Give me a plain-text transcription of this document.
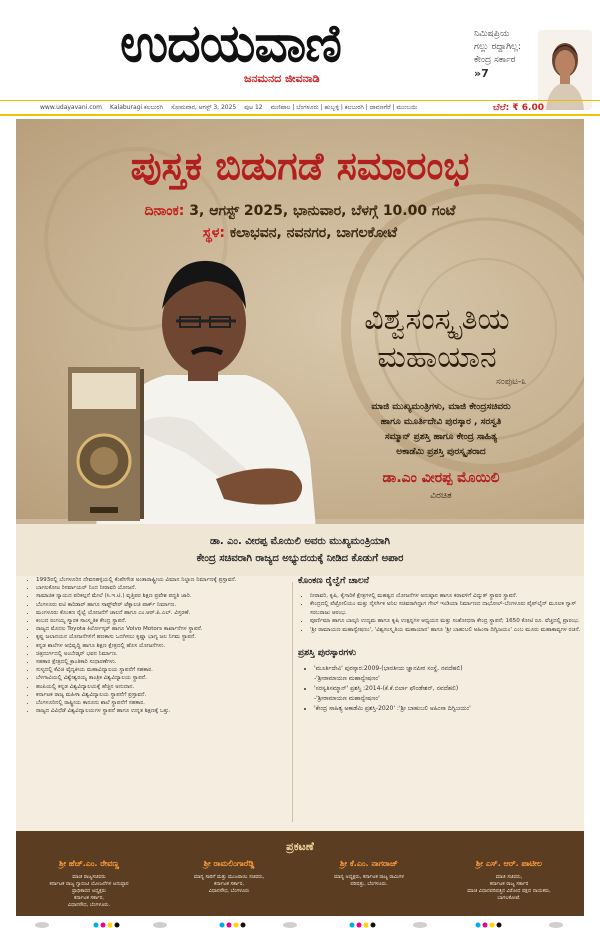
ಉದಯವಾಣಿ
ಜನಮನದ ಜೀವನಾಡಿ
ನಿಮಿಷಪ್ರಿಯ
ಗಲ್ಲು ರದ್ದಾಗಿಲ್ಲ:
ಕೇಂದ್ರ ಸರ್ಕಾರ
»7
www.udayavani.com Kalaburagi ಕಲಬುರಗಿ ಸೋಮವಾರ, ಆಗಸ್ಟ್ 3, 2025 ಪುಟ 12 ಮಣಿಪಾಲ | ಬೆಂಗಳೂರು | ಹುಬ್ಬಳ್ಳಿ | ಕಲಬುರಗಿ | ದಾವಣಗೆರೆ | ಮುಂಬಯಿ	ಬೆಲೆ: ₹ 6.00
ಪುಸ್ತಕ ಬಿಡುಗಡೆ ಸಮಾರಂಭ
ದಿನಾಂಕ: 3, ಆಗಸ್ಟ್ 2025, ಭಾನುವಾರ, ಬೆಳಗ್ಗೆ 10.00 ಗಂಟೆ
ಸ್ಥಳ: ಕಲಾಭವನ, ನವನಗರ, ಬಾಗಲಕೋಟೆ
ವಿಶ್ವಸಂಸ್ಕೃತಿಯ
ಮಹಾಯಾನ
ಸಂಪುಟ-೩
ಮಾಜಿ ಮುಖ್ಯಮಂತ್ರಿಗಳು, ಮಾಜಿ ಕೇಂದ್ರಸಚಿವರು
ಹಾಗೂ ಮೂರ್ತಿದೇವಿ ಪುರಸ್ಕಾರ , ಸರಸ್ವತಿ
ಸಮ್ಮಾನ್ ಪ್ರಶಸ್ತಿ ಹಾಗೂ ಕೇಂದ್ರ ಸಾಹಿತ್ಯ
ಅಕಾಡೆಮಿ ಪ್ರಶಸ್ತಿ ಪುರಸ್ಕೃತರಾದ
ಡಾ.ಎಂ ವೀರಪ್ಪ ಮೊಯಿಲಿ
ವಿರಚಿತ
ಡಾ. ಎಂ. ವೀರಪ್ಪ ಮೊಯಿಲಿ ಅವರು ಮುಖ್ಯಮಂತ್ರಿಯಾಗಿ
ಕೇಂದ್ರ ಸಚಿವರಾಗಿ ರಾಜ್ಯದ ಅಭ್ಯುದಯಕ್ಕೆ ನೀಡಿದ ಕೊಡುಗೆ ಅಪಾರ
• 1993ರಲ್ಲಿ ಬೆಂಗಳೂರಿನ ದೇವನಹಳ್ಳಿಯಲ್ಲಿ ಕೆಂಪೇಗೌಡ ಅಂತಾರಾಷ್ಟ್ರೀಯ ವಿಮಾನ ನಿಲ್ದಾಣ ನಿರ್ಮಾಣಕ್ಕೆ ಪ್ರಸ್ತಾವನೆ.
• ಬಾಗಲಕೋಟ ರಿಸರ್ವಾಯರ್ ನಿಂದ ನೀರಾವರಿ ಯೋಜನೆ.
• ಸಾಮಾಜಿಕ ನ್ಯಾಯದ ಪರಿಕಲ್ಪನೆ ಮೇಲೆ (ಸಿ.ಇ.ಟಿ.) ವೃತ್ತಿಪರ ಶಿಕ್ಷಣ ಪ್ರವೇಶ ಪದ್ಧತಿ ಜಾರಿ.
• ಬೆಂಗಳೂರು ಐಟಿ ಕಾರಿಡಾರ್ ಹಾಗೂ ಸಾಫ್ಟ್‌ವೇರ್ ಟೆಕ್ನಾಲಜಿ ಪಾರ್ಕ್ ನಿರ್ಮಾಣ.
• ಮಂಗಳೂರು ಕೊಂಕಣ ರೈಲ್ವೆ ಯೋಜನೆಗೆ ಚಾಲನೆ ಹಾಗೂ ಎಂ.ಆರ್.ಪಿ.ಎಲ್. ವಿಸ್ತರಣೆ.
• ಕಂಬದ ರಂಗಯ್ಯ ಸ್ಮಾರಕ ಸಾಂಸ್ಕೃತಿಕ ಕೇಂದ್ರ ಸ್ಥಾಪನೆ.
• ರಾಜ್ಯದ ಮೊದಲ Toyota ಕಿರ್ಲೋಸ್ಕರ್ ಹಾಗೂ Volvo Motors ಕಾರ್ಖಾನೆಗಳ ಸ್ಥಾಪನೆ.
• ಕೃಷ್ಣ ಜಲಾನಯನ ಯೋಜನೆಗಳಿಗೆ ಹಣಕಾಸು ಒದಗಿಸಲು ಕೃಷ್ಣಾ ಭಾಗ್ಯ ಜಲ ನಿಗಮ ಸ್ಥಾಪನೆ.
• ಕನ್ನಡ ಶಾಲೆಗಳ ಅಭಿವೃದ್ಧಿ ಹಾಗೂ ಶಿಕ್ಷಣ ಕ್ಷೇತ್ರದಲ್ಲಿ ಹೊಸ ಯೋಜನೆಗಳು.
• ಚಿತ್ರದುರ್ಗದಲ್ಲಿ ಅಂಬೇಡ್ಕರ್ ಭವನ ನಿರ್ಮಾಣ.
• ಸಹಕಾರ ಕ್ಷೇತ್ರದಲ್ಲಿ ಕ್ರಾಂತಿಕಾರಿ ಸುಧಾರಣೆಗಳು.
• ಸುಳ್ಯದಲ್ಲಿ ಕೆವಿಜಿ ವೈದ್ಯಕೀಯ ಮಹಾವಿದ್ಯಾಲಯ ಸ್ಥಾಪನೆಗೆ ಸಹಕಾರ.
• ಬೆಳಗಾವಿಯಲ್ಲಿ ವಿಶ್ವೇಶ್ವರಯ್ಯ ತಾಂತ್ರಿಕ ವಿಶ್ವವಿದ್ಯಾಲಯ ಸ್ಥಾಪನೆ.
• ಹಂಪಿಯಲ್ಲಿ ಕನ್ನಡ ವಿಶ್ವವಿದ್ಯಾಲಯಕ್ಕೆ ಹೆಚ್ಚಿನ ಅನುದಾನ.
• ಕರ್ನಾಟಕ ರಾಜ್ಯ ಮಹಿಳಾ ವಿಶ್ವವಿದ್ಯಾಲಯ ಸ್ಥಾಪನೆಗೆ ಪ್ರಸ್ತಾವನೆ.
• ಬೆಂಗಳೂರಿನಲ್ಲಿ ರಾಷ್ಟ್ರೀಯ ಕಾನೂನು ಶಾಲೆ ಸ್ಥಾಪನೆಗೆ ಸಹಕಾರ.
• ರಾಜ್ಯದ ವಿವಿಧೆಡೆ ವಿಶ್ವವಿದ್ಯಾಲಯಗಳ ಸ್ಥಾಪನೆ ಹಾಗೂ ಉನ್ನತ ಶಿಕ್ಷಣಕ್ಕೆ ಒತ್ತು.
ಕೊಂಕಣ ರೈಲ್ವೆಗೆ ಚಾಲನೆ
• ನೀರಾವರಿ, ಕೃಷಿ, ಕೈಗಾರಿಕೆ ಕ್ಷೇತ್ರಗಳಲ್ಲಿ ಮಹತ್ವದ ಯೋಜನೆಗಳ ಅನುಷ್ಠಾನ ಹಾಗೂ ಕರಾವಳಿಗೆ ವಿದ್ಯುತ್ ಸ್ಥಾವರ ಸ್ಥಾಪನೆ.
• ಕೇಂದ್ರದಲ್ಲಿ ಪೆಟ್ರೋಲಿಯಂ ಮತ್ತು ನೈಸರ್ಗಿಕ ಅನಿಲ ಸಚಿವರಾಗಿದ್ದಾಗ ಗೇಲ್ ಇಂಡಿಯಾ ನಿರ್ಮಾಣದ ದಾಭೋಲ್-ಬೆಂಗಳೂರು ಪೈಪ್‌ಲೈನ್ ಮೂಲಕ ಗ್ಯಾಸ್ ಸರಬರಾಜು ಆರಂಭ.
• ಪೂರ್ಣಿಮಾ ಹಾಗೂ ಬಾಲ್ಕನಿ ಉದ್ಯಮ ಹಾಗೂ ಕೃಷಿ ಉತ್ಪನ್ನಗಳ ಆಧ್ಯಯನ ಮತ್ತು ಸಂಶೋಧನಾ ಕೇಂದ್ರ ಸ್ಥಾಪನೆ; 1650 ಕೋಟಿ ರೂ. ವೆಚ್ಚದಲ್ಲಿ ಪ್ರಾರಂಭ.
• 'ಶ್ರೀ ರಾಮಾಯಣ ಮಹಾನ್ವೇಷಣಂ', 'ವಿಶ್ವಸಂಸ್ಕೃತಿಯ ಮಹಾಯಾನ' ಹಾಗೂ 'ಶ್ರೀ ಬಾಹುಬಲಿ ಅಹಿಂಸಾ ದಿಗ್ವಿಜಯಂ' ಎಂಬ ಮೂರು ಮಹಾಕಾವ್ಯಗಳ ರಚನೆ.
ಪ್ರಶಸ್ತಿ ಪುರಸ್ಕಾರಗಳು
• 'ಮೂರ್ತಿದೇವಿ' ಪುರಸ್ಕಾರ:2009-(ಭಾರತೀಯ ಜ್ಞಾನಪೀಠ ಸಂಸ್ಥೆ, ನವದೆಹಲಿ)
-'ಶ್ರೀರಾಮಾಯಣ ಮಹಾನ್ವೇಷಣಂ'
• 'ಸರಸ್ವತಿಸಮ್ಮಾನ್' ಪ್ರಶಸ್ತಿ :2014-(ಕೆ.ಕೆ.ಬಿರ್ಲಾ ಫೌಂಡೇಶನ್, ನವದೆಹಲಿ)
-'ಶ್ರೀರಾಮಾಯಣ ಮಹಾನ್ವೇಷಣಂ'
• 'ಕೇಂದ್ರ ಸಾಹಿತ್ಯ ಅಕಾಡೆಮಿ ಪ್ರಶಸ್ತಿ-2020' :'ಶ್ರೀ ಬಾಹುಬಲಿ ಅಹಿಂಸಾ ದಿಗ್ವಿಜಯಂ'
ಪ್ರಕಟಣೆ
ಶ್ರೀ ಹೆಚ್.ಎಂ. ರೇವಣ್ಣ
ಮಾಜಿ ರಾಜ್ಯಸಚಿವರು
ಕರ್ನಾಟಕ ರಾಜ್ಯ ಗ್ಯಾರಂಟಿ ಯೋಜನೆಗಳ ಅನುಷ್ಠಾನ
ಪ್ರಾಧಿಕಾರದ ಅಧ್ಯಕ್ಷರು
ಕರ್ನಾಟಕ ಸರ್ಕಾರ,
ವಿಧಾನಸೌಧ, ಬೆಂಗಳೂರು.
ಶ್ರೀ ರಾಮಲಿಂಗಾರೆಡ್ಡಿ
ಮಾನ್ಯ ಸಾರಿಗೆ ಮತ್ತು ಮುಜರಾಯಿ ಸಚಿವರು,
ಕರ್ನಾಟಕ ಸರ್ಕಾರ,
ವಿಧಾನಸೌಧ, ಬೆಂಗಳೂರು
ಶ್ರೀ ಕೆ.ಎಂ. ನಾಗರಾಜ್
ಮಾನ್ಯ ಅಧ್ಯಕ್ಷರು, ಕರ್ನಾಟಕ ರಾಜ್ಯ ರಾಮಿಗಳ
ಪರಿಷತ್ತು, ಬೆಂಗಳೂರು.
ಶ್ರೀ ಎಸ್. ಆರ್. ಪಾಟೀಲ
ಮಾಜಿ ಸಚಿವರು,
ಕರ್ನಾಟಕ ರಾಜ್ಯ ಸರ್ಕಾರ
ಮಾಜಿ ವಿಧಾನಪರಿಷತ್ತಿನ ವಿರೋಧ ಪಕ್ಷದ ನಾಯಕರು,
ಬಾಗಲಕೋಟೆ.
